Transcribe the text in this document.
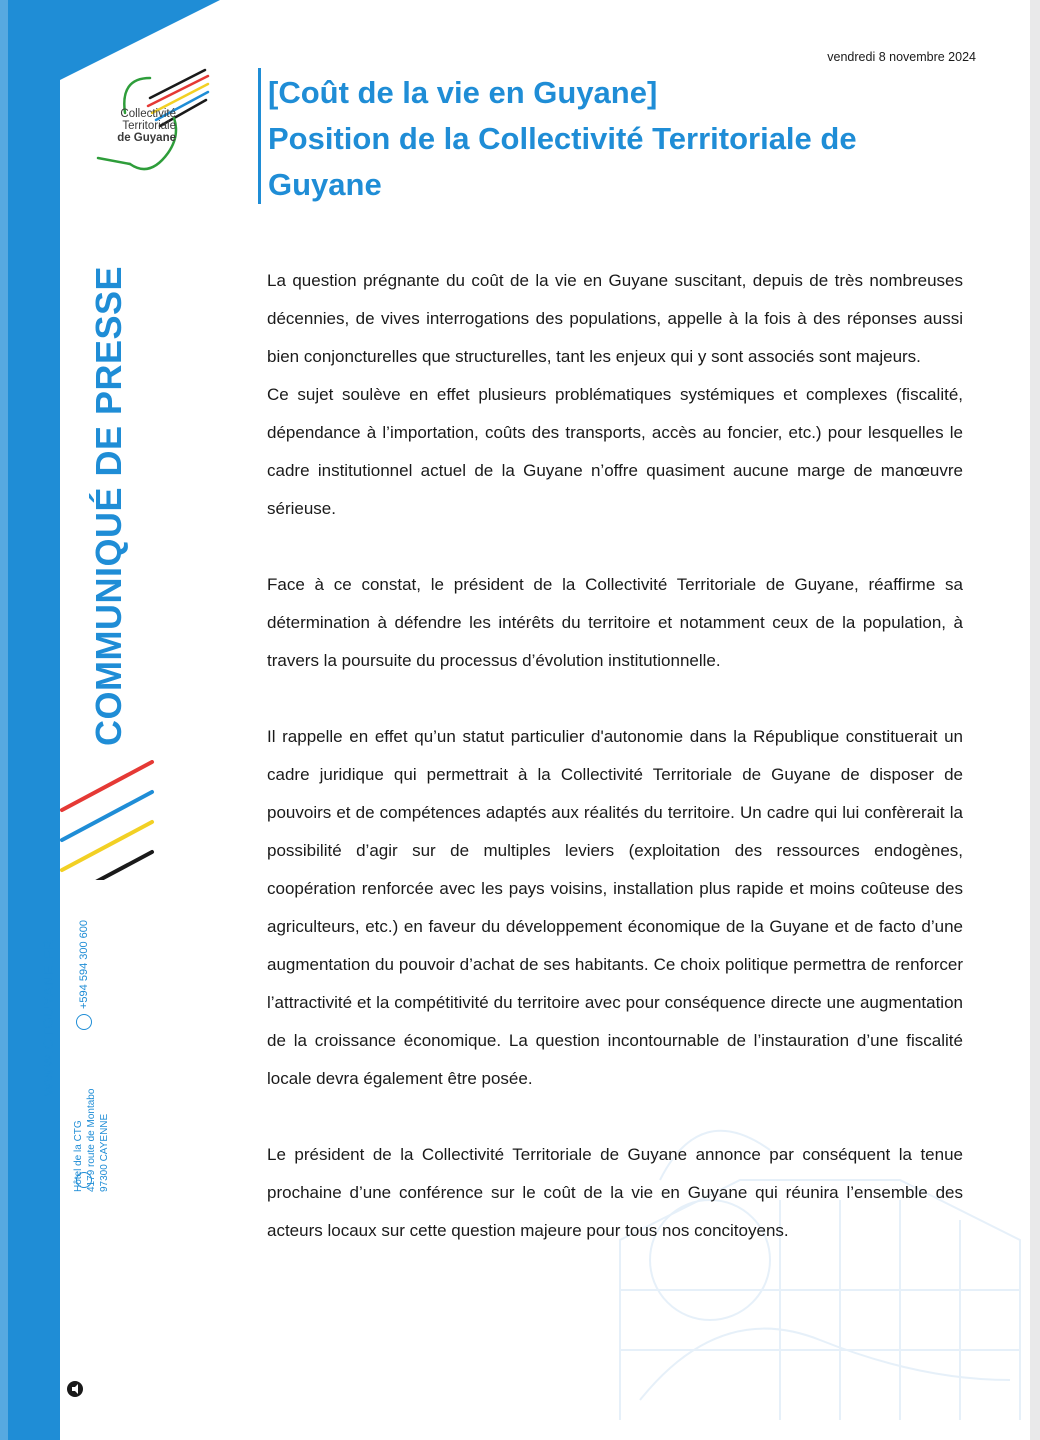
Collectivité
Territoriale
de Guyane
COMMUNIQUÉ DE PRESSE
WWW.CTGUYANE.FR +594 594 300 600
Hôtel de la CTG 4179 route de Montabo 97300 CAYENNE
vendredi 8 novembre 2024
[Coût de la vie en Guyane]
Position de la Collectivité Territoriale de
Guyane

La question prégnante du coût de la vie en Guyane suscitant, depuis de très nombreuses décennies, de vives interrogations des populations, appelle à la fois à des réponses aussi bien conjoncturelles que structurelles, tant les enjeux qui y sont associés sont majeurs.

Ce sujet soulève en effet plusieurs problématiques systémiques et complexes (fiscalité, dépendance à l’importation, coûts des transports, accès au foncier, etc.) pour lesquelles le cadre institutionnel actuel de la Guyane n’offre quasiment aucune marge de manœuvre sérieuse.

Face à ce constat, le président de la Collectivité Territoriale de Guyane, réaffirme sa détermination à défendre les intérêts du territoire et notamment ceux de la population, à travers la poursuite du processus d’évolution institutionnelle.

Il rappelle en effet qu’un statut particulier d'autonomie dans la République constituerait un cadre juridique qui permettrait à la Collectivité Territoriale de Guyane de disposer de pouvoirs et de compétences adaptés aux réalités du territoire. Un cadre qui lui confèrerait la possibilité d’agir sur de multiples leviers (exploitation des ressources endogènes, coopération renforcée avec les pays voisins, installation plus rapide et moins coûteuse des agriculteurs, etc.) en faveur du développement économique de la Guyane et de facto d’une augmentation du pouvoir d’achat de ses habitants. Ce choix politique permettra de renforcer l’attractivité et la compétitivité du territoire avec pour conséquence directe une augmentation de la croissance économique. La question incontournable de l’instauration d’une fiscalité locale devra également être posée.

Le président de la Collectivité Territoriale de Guyane annonce par conséquent la tenue prochaine d’une conférence sur le coût de la vie en Guyane qui réunira l’ensemble des acteurs locaux sur cette question majeure pour tous nos concitoyens.
